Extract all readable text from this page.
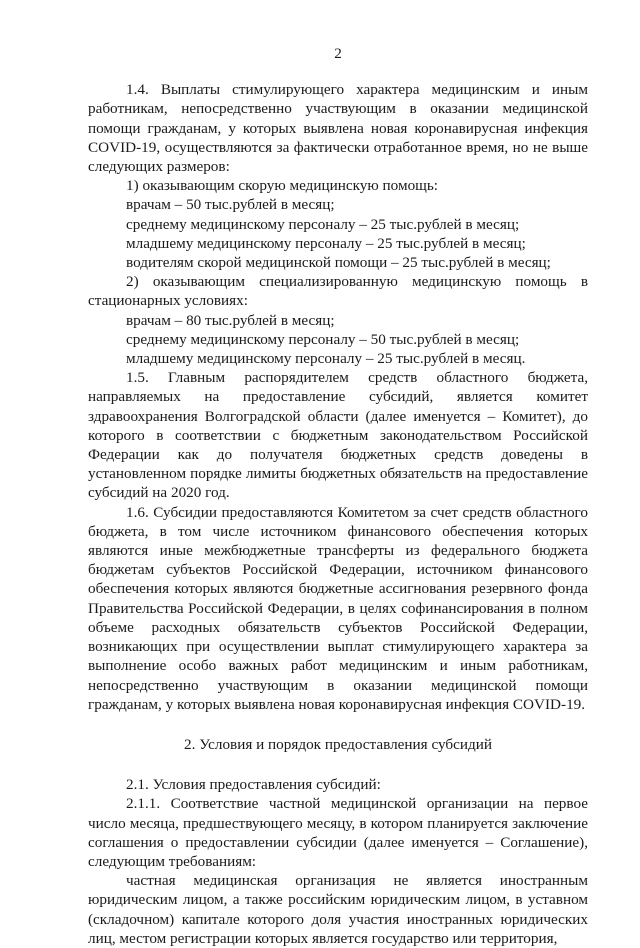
2

1.4. Выплаты стимулирующего характера медицинским и иным работникам, непосредственно участвующим в оказании медицинской помощи гражданам, у которых выявлена новая коронавирусная инфекция COVID-19, осуществляются за фактически отработанное время, но не выше следующих размеров:

1) оказывающим скорую медицинскую помощь:

врачам – 50 тыс.рублей в месяц;

среднему медицинскому персоналу – 25 тыс.рублей в месяц;

младшему медицинскому персоналу – 25 тыс.рублей в месяц;

водителям скорой медицинской помощи – 25 тыс.рублей в месяц;

2) оказывающим специализированную медицинскую помощь в стационарных условиях:

врачам – 80 тыс.рублей в месяц;

среднему медицинскому персоналу – 50 тыс.рублей в месяц;

младшему медицинскому персоналу – 25 тыс.рублей в месяц.

1.5. Главным распорядителем средств областного бюджета, направляемых на предоставление субсидий, является комитет здравоохранения Волгоградской области (далее именуется – Комитет), до которого в соответствии с бюджетным законодательством Российской Федерации как до получателя бюджетных средств доведены в установленном порядке лимиты бюджетных обязательств на предоставление субсидий на 2020 год.

1.6. Субсидии предоставляются Комитетом за счет средств областного бюджета, в том числе источником финансового обеспечения которых являются иные межбюджетные трансферты из федерального бюджета бюджетам субъектов Российской Федерации, источником финансового обеспечения которых являются бюджетные ассигнования резервного фонда Правительства Российской Федерации, в целях софинансирования в полном объеме расходных обязательств субъектов Российской Федерации, возникающих при осуществлении выплат стимулирующего характера за выполнение особо важных работ медицинским и иным работникам, непосредственно участвующим в оказании медицинской помощи гражданам, у которых выявлена новая коронавирусная инфекция COVID-19.

2. Условия и порядок предоставления субсидий

2.1. Условия предоставления субсидий:

2.1.1. Соответствие частной медицинской организации на первое число месяца, предшествующего месяцу, в котором планируется заключение соглашения о предоставлении субсидии (далее именуется – Соглашение), следующим требованиям:

частная медицинская организация не является иностранным юридическим лицом, а также российским юридическим лицом, в уставном (складочном) капитале которого доля участия иностранных юридических лиц, местом регистрации которых является государство или территория,
